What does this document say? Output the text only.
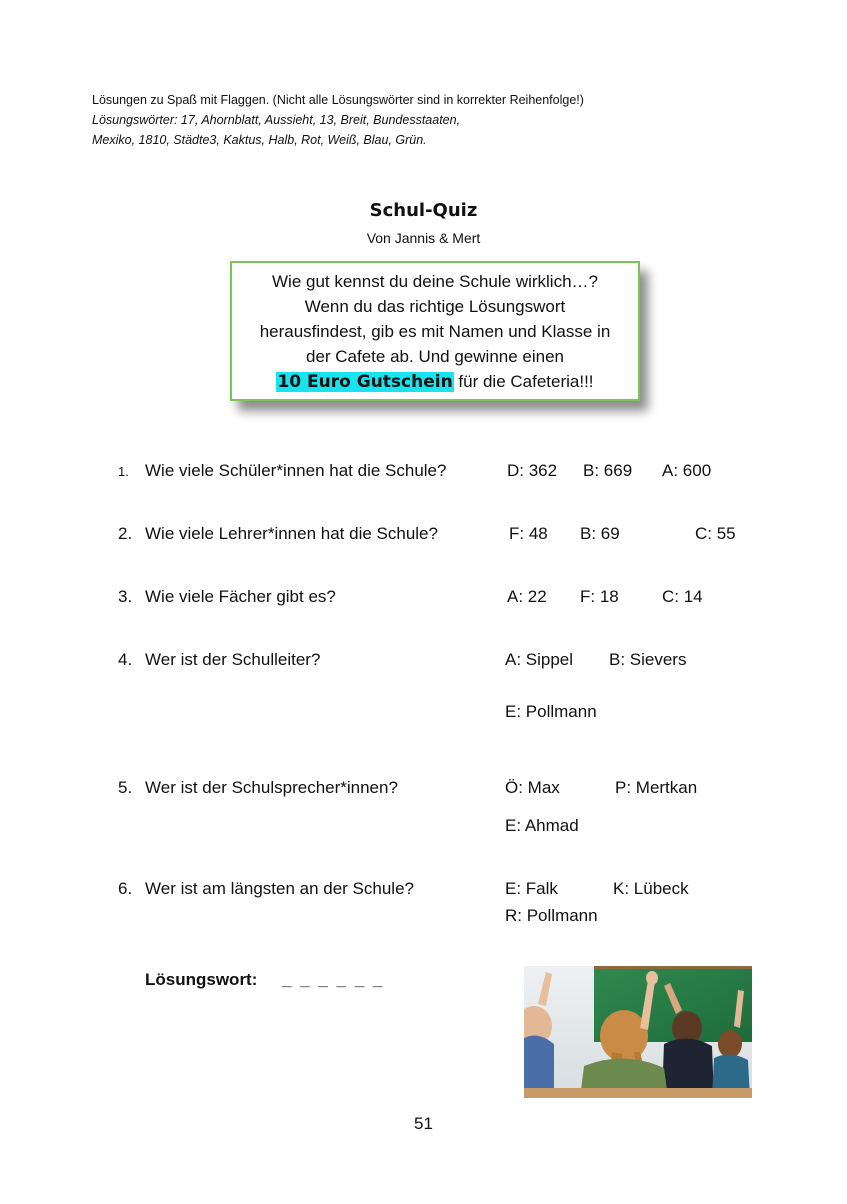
Lösungen zu Spaß mit Flaggen. (Nicht alle Lösungswörter sind in korrekter Reihenfolge!)
Lösungswörter: 17, Ahornblatt, Aussieht, 13, Breit, Bundesstaaten,
Mexiko, 1810, Städte3, Kaktus, Halb, Rot, Weiß, Blau, Grün.
Schul-Quiz
Von Jannis & Mert
Wie gut kennst du deine Schule wirklich…?
Wenn du das richtige Lösungswort
herausfindest, gib es mit Namen und Klasse in
der Cafete ab. Und gewinne einen
10 Euro Gutschein für die Cafeteria!!!
1. Wie viele Schüler*innen hat die Schule?	D: 362 B: 669 A: 600
2. Wie viele Lehrer*innen hat die Schule?	F: 48 B: 69	C: 55
3. Wie viele Fächer gibt es?	A: 22 F: 18	C: 14
4. Wer ist der Schulleiter?	A: Sippel B: Sievers
E: Pollmann
5. Wer ist der Schulsprecher*innen?	Ö: Max	P: Mertkan
E: Ahmad
6. Wer ist am längsten an der Schule?	E: Falk	K: Lübeck
R: Pollmann
Lösungswort: _ _ _ _ _ _
51
